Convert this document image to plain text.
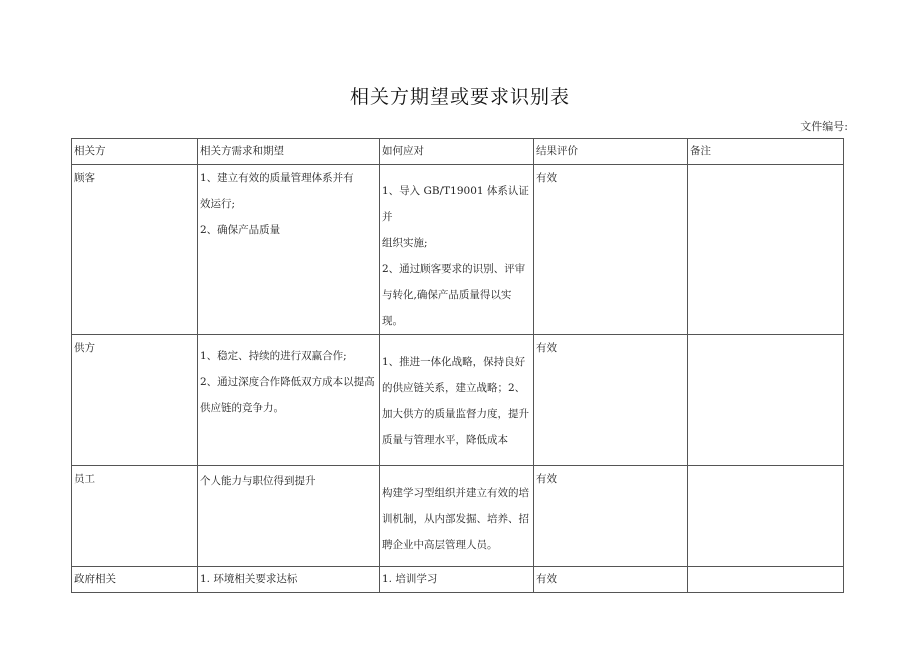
相关方期望或要求识别表
文件编号:
相关方	相关方需求和期望	如何应对	结果评价	备注
顾客	1、建立有效的质量管理体系并有
效运行;
2、确保产品质量	1、导入 GB/T19001 体系认证并
组织实施;
2、通过顾客要求的识别、评审
与转化,确保产品质量得以实现。	有效	
供方	1、稳定、持续的进行双赢合作;
2、通过深度合作降低双方成本以提高
供应链的竞争力。	1、推进一体化战略，保持良好
的供应链关系，建立战略；2、
加大供方的质量监督力度，提升
质量与管理水平，降低成本	有效	
员工	个人能力与职位得到提升	构建学习型组织并建立有效的培
训机制，从内部发掘、培养、招
聘企业中高层管理人员。	有效	
政府相关	1. 环境相关要求达标	1. 培训学习	有效	
